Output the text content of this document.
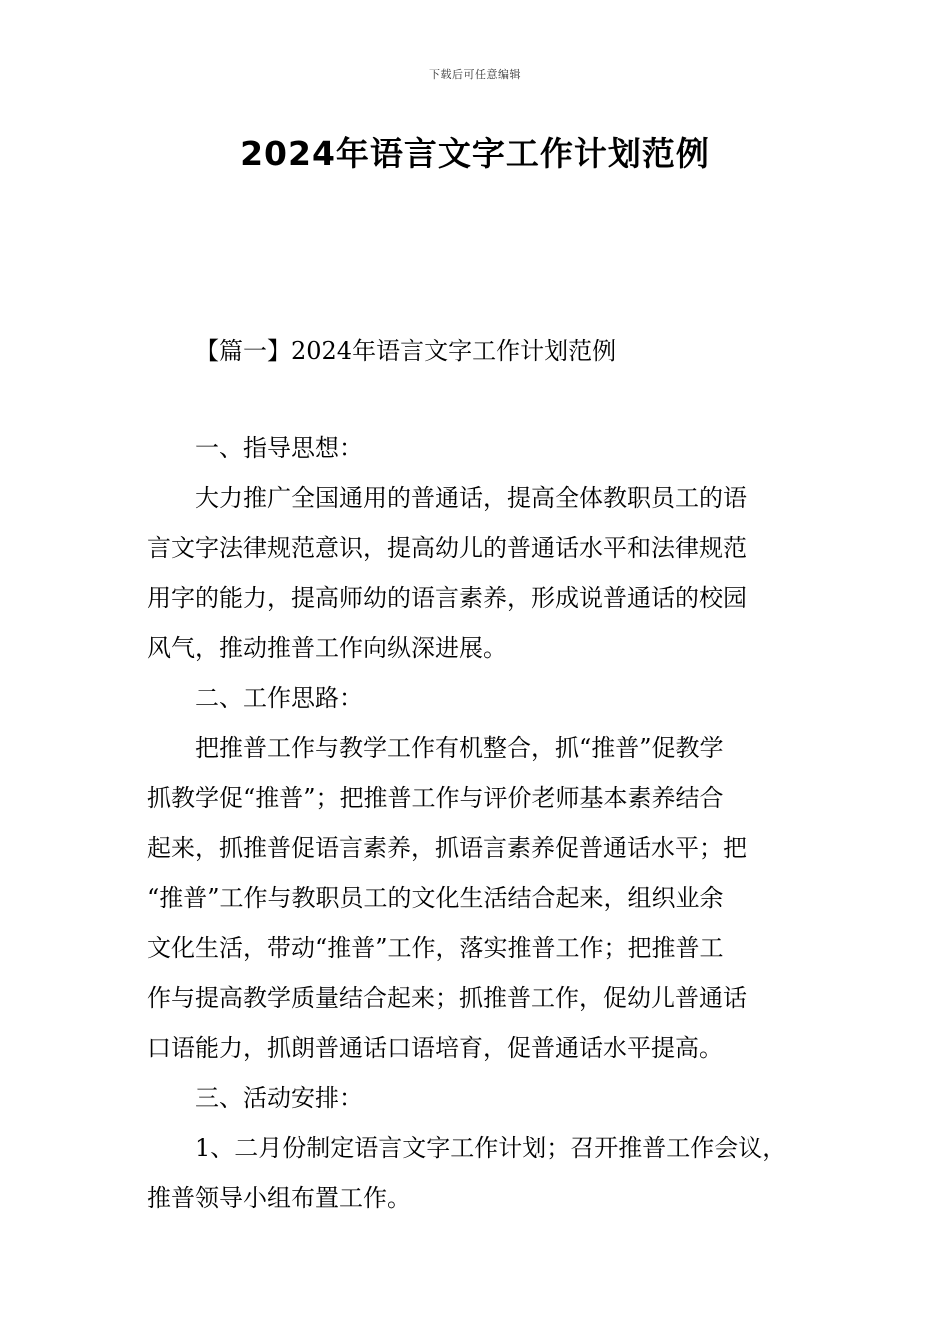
下载后可任意编辑
2024年语言文字工作计划范例
【篇一】2024年语言文字工作计划范例
一、指导思想：
大力推广全国通用的普通话，提高全体教职员工的语
言文字法律规范意识，提高幼儿的普通话水平和法律规范
用字的能力，提高师幼的语言素养，形成说普通话的校园
风气，推动推普工作向纵深进展。
二、工作思路：
把推普工作与教学工作有机整合，抓“推普”促教学
抓教学促“推普”；把推普工作与评价老师基本素养结合
起来，抓推普促语言素养，抓语言素养促普通话水平；把
“推普”工作与教职员工的文化生活结合起来，组织业余
文化生活，带动“推普”工作，落实推普工作；把推普工
作与提高教学质量结合起来；抓推普工作，促幼儿普通话
口语能力，抓朗普通话口语培育，促普通话水平提高。
三、活动安排：
1、二月份制定语言文字工作计划；召开推普工作会议，
推普领导小组布置工作。
